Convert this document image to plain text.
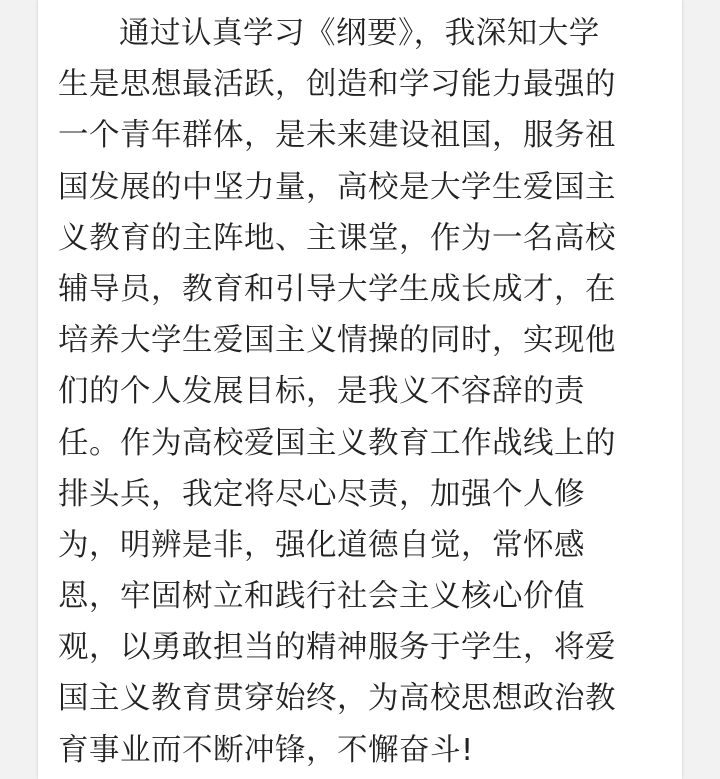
通过认真学习《纲要》，我深知大学
生是思想最活跃，创造和学习能力最强的
一个青年群体，是未来建设祖国，服务祖
国发展的中坚力量，高校是大学生爱国主
义教育的主阵地、主课堂，作为一名高校
辅导员，教育和引导大学生成长成才，在
培养大学生爱国主义情操的同时，实现他
们的个人发展目标，是我义不容辞的责
任。作为高校爱国主义教育工作战线上的
排头兵，我定将尽心尽责，加强个人修
为，明辨是非，强化道德自觉，常怀感
恩，牢固树立和践行社会主义核心价值
观，以勇敢担当的精神服务于学生，将爱
国主义教育贯穿始终，为高校思想政治教
育事业而不断冲锋，不懈奋斗!
